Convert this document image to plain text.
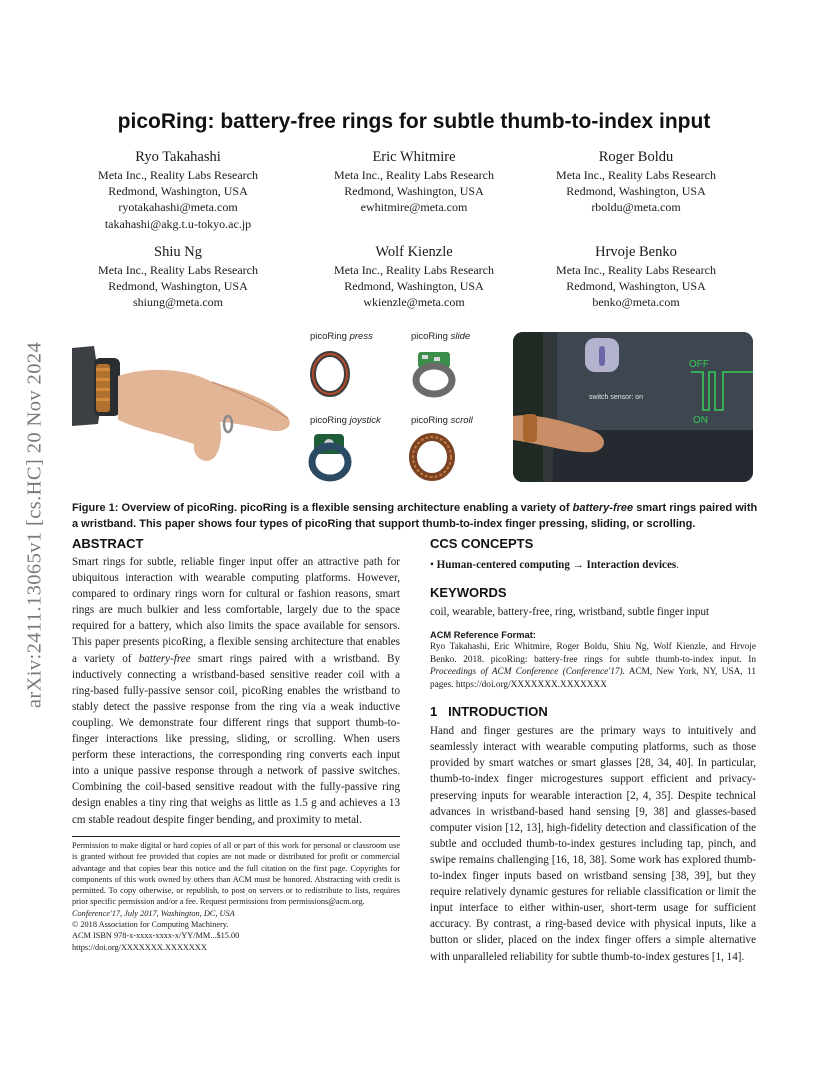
arXiv:2411.13065v1 [cs.HC] 20 Nov 2024
picoRing: battery-free rings for subtle thumb-to-index input
Ryo Takahashi
Meta Inc., Reality Labs Research
Redmond, Washington, USA
ryotakahashi@meta.com
takahashi@akg.t.u-tokyo.ac.jp
Eric Whitmire
Meta Inc., Reality Labs Research
Redmond, Washington, USA
ewhitmire@meta.com
Roger Boldu
Meta Inc., Reality Labs Research
Redmond, Washington, USA
rboldu@meta.com
Shiu Ng
Meta Inc., Reality Labs Research
Redmond, Washington, USA
shiung@meta.com
Wolf Kienzle
Meta Inc., Reality Labs Research
Redmond, Washington, USA
wkienzle@meta.com
Hrvoje Benko
Meta Inc., Reality Labs Research
Redmond, Washington, USA
benko@meta.com
picoRing press	picoRing slide
picoRing joystick	picoRing scroll
switch sensor: on
OFF
ON
Figure 1: Overview of picoRing. picoRing is a flexible sensing architecture enabling a variety of battery-free smart rings paired with a wristband. This paper shows four types of picoRing that support thumb-to-index finger pressing, sliding, or scrolling.
ABSTRACT
Smart rings for subtle, reliable finger input offer an attractive path for ubiquitous interaction with wearable computing platforms. However, compared to ordinary rings worn for cultural or fashion reasons, smart rings are much bulkier and less comfortable, largely due to the space required for a battery, which also limits the space available for sensors. This paper presents picoRing, a flexible sensing architecture that enables a variety of battery-free smart rings paired with a wristband. By inductively connecting a wristband-based sensitive reader coil with a ring-based fully-passive sensor coil, picoRing enables the wristband to stably detect the passive response from the ring via a weak inductive coupling. We demonstrate four different rings that support thumb-to-finger interactions like pressing, sliding, or scrolling. When users perform these interactions, the corresponding ring converts each input into a unique passive response through a network of passive switches. Combining the coil-based sensitive readout with the fully-passive ring design enables a tiny ring that weighs as little as 1.5 g and achieves a 13 cm stable readout despite finger bending, and proximity to metal.
Permission to make digital or hard copies of all or part of this work for personal or classroom use is granted without fee provided that copies are not made or distributed for profit or commercial advantage and that copies bear this notice and the full citation on the first page. Copyrights for components of this work owned by others than ACM must be honored. Abstracting with credit is permitted. To copy otherwise, or republish, to post on servers or to redistribute to lists, requires prior specific permission and/or a fee. Request permissions from permissions@acm.org.
Conference'17, July 2017, Washington, DC, USA
© 2018 Association for Computing Machinery.
ACM ISBN 978-x-xxxx-xxxx-x/YY/MM...$15.00
https://doi.org/XXXXXXX.XXXXXXX
CCS CONCEPTS
• Human-centered computing → Interaction devices.
KEYWORDS
coil, wearable, battery-free, ring, wristband, subtle finger input
ACM Reference Format:
Ryo Takahashi, Eric Whitmire, Roger Boldu, Shiu Ng, Wolf Kienzle, and Hrvoje Benko. 2018. picoRing: battery-free rings for subtle thumb-to-index input. In Proceedings of ACM Conference (Conference'17). ACM, New York, NY, USA, 11 pages. https://doi.org/XXXXXXX.XXXXXXX
1 INTRODUCTION
Hand and finger gestures are the primary ways to intuitively and seamlessly interact with wearable computing platforms, such as those provided by smart watches or smart glasses [28, 34, 40]. In particular, thumb-to-index finger microgestures support efficient and privacy-preserving inputs for wearable interaction [2, 4, 35]. Despite technical advances in wristband-based hand sensing [9, 38] and glasses-based computer vision [12, 13], high-fidelity detection and classification of the subtle and occluded thumb-to-index gestures including tap, pinch, and swipe remains challenging [16, 18, 38]. Some work has explored thumb-to-index finger inputs based on wristband sensing [38, 39], but they require relatively dynamic gestures for reliable classification or limit the input interface to either within-user, short-term usage for sufficient accuracy. By contrast, a ring-based device with physical inputs, like a button or slider, placed on the index finger offers a simple alternative with unparalleled reliability for subtle thumb-to-index gestures [1, 14].
